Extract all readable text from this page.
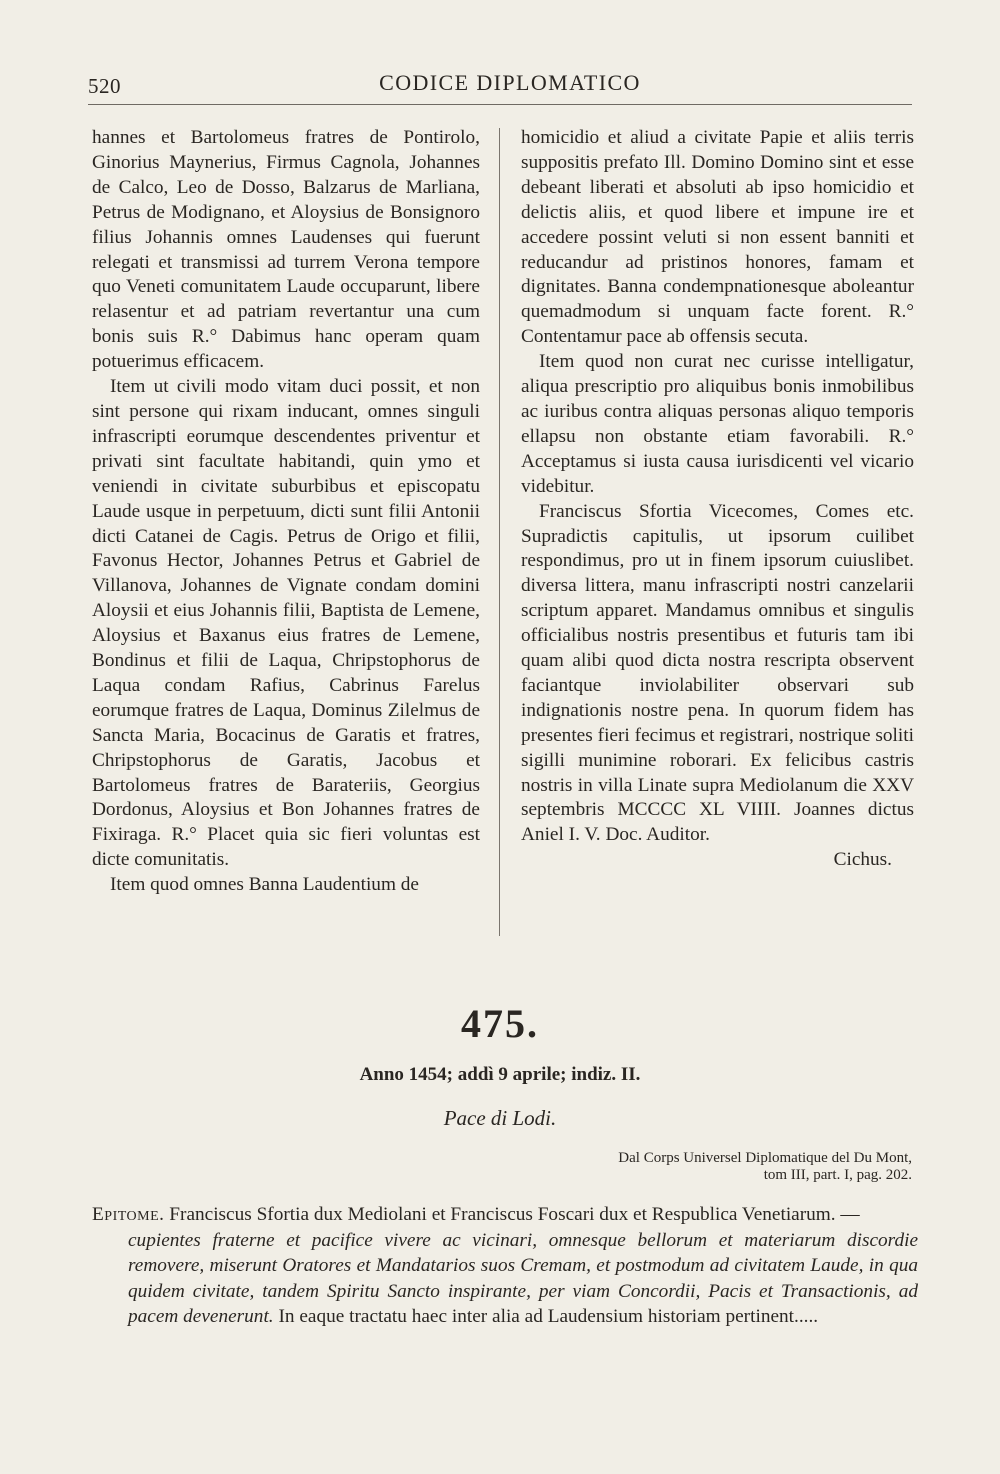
520	CODICE DIPLOMATICO

hannes et Bartolomeus fratres de Pontirolo, Ginorius Maynerius, Firmus Cagnola, Johannes de Calco, Leo de Dosso, Balzarus de Marliana, Petrus de Modignano, et Aloysius de Bonsignoro filius Johannis omnes Laudenses qui fuerunt relegati et transmissi ad turrem Verona tempore quo Veneti comunitatem Laude occuparunt, libere relasentur et ad patriam revertantur una cum bonis suis R.° Dabimus hanc operam quam potuerimus efficacem.

Item ut civili modo vitam duci possit, et non sint persone qui rixam inducant, omnes singuli infrascripti eorumque descendentes priventur et privati sint facultate habitandi, quin ymo et veniendi in civitate suburbibus et episcopatu Laude usque in perpetuum, dicti sunt filii Antonii dicti Catanei de Cagis. Petrus de Origo et filii, Favonus Hector, Johannes Petrus et Gabriel de Villanova, Johannes de Vignate condam domini Aloysii et eius Johannis filii, Baptista de Lemene, Aloysius et Baxanus eius fratres de Lemene, Bondinus et filii de Laqua, Chripstophorus de Laqua condam Rafius, Cabrinus Farelus eorumque fratres de Laqua, Dominus Zilelmus de Sancta Maria, Bocacinus de Garatis et fratres, Chripstophorus de Garatis, Jacobus et Bartolomeus fratres de Barateriis, Georgius Dordonus, Aloysius et Bon Johannes fratres de Fixiraga. R.° Placet quia sic fieri voluntas est dicte comunitatis.

Item quod omnes Banna Laudentium de

homicidio et aliud a civitate Papie et aliis terris suppositis prefato Ill. Domino Domino sint et esse debeant liberati et absoluti ab ipso homicidio et delictis aliis, et quod libere et impune ire et accedere possint veluti si non essent banniti et reducandur ad pristinos honores, famam et dignitates. Banna condempnationesque aboleantur quemadmodum si unquam facte forent. R.° Contentamur pace ab offensis secuta.

Item quod non curat nec curisse intelligatur, aliqua prescriptio pro aliquibus bonis inmobilibus ac iuribus contra aliquas personas aliquo temporis ellapsu non obstante etiam favorabili. R.° Acceptamus si iusta causa iurisdicenti vel vicario videbitur.

Franciscus Sfortia Vicecomes, Comes etc. Supradictis capitulis, ut ipsorum cuilibet respondimus, pro ut in finem ipsorum cuiuslibet. diversa littera, manu infrascripti nostri canzelarii scriptum apparet. Mandamus omnibus et singulis officialibus nostris presentibus et futuris tam ibi quam alibi quod dicta nostra rescripta observent faciantque inviolabiliter observari sub indignationis nostre pena. In quorum fidem has presentes fieri fecimus et registrari, nostrique soliti sigilli munimine roborari. Ex felicibus castris nostris in villa Linate supra Mediolanum die XXV septembris MCCCC XL VIIII. Joannes dictus Aniel I. V. Doc. Auditor.

Cichus.

475.
Anno 1454; addì 9 aprile; indiz. II.
Pace di Lodi.
Dal Corps Universel Diplomatique del Du Mont,
tom III, part. I, pag. 202.
Epitome. Franciscus Sfortia dux Mediolani et Franciscus Foscari dux et Respublica Venetiarum. —
cupientes fraterne et pacifice vivere ac vicinari, omnesque bellorum et materiarum discordie removere, miserunt Oratores et Mandatarios suos Cremam, et postmodum ad civitatem Laude, in qua quidem civitate, tandem Spiritu Sancto inspirante, per viam Concordii, Pacis et Transactionis, ad pacem devenerunt. In eaque tractatu haec inter alia ad Laudensium historiam pertinent.....
